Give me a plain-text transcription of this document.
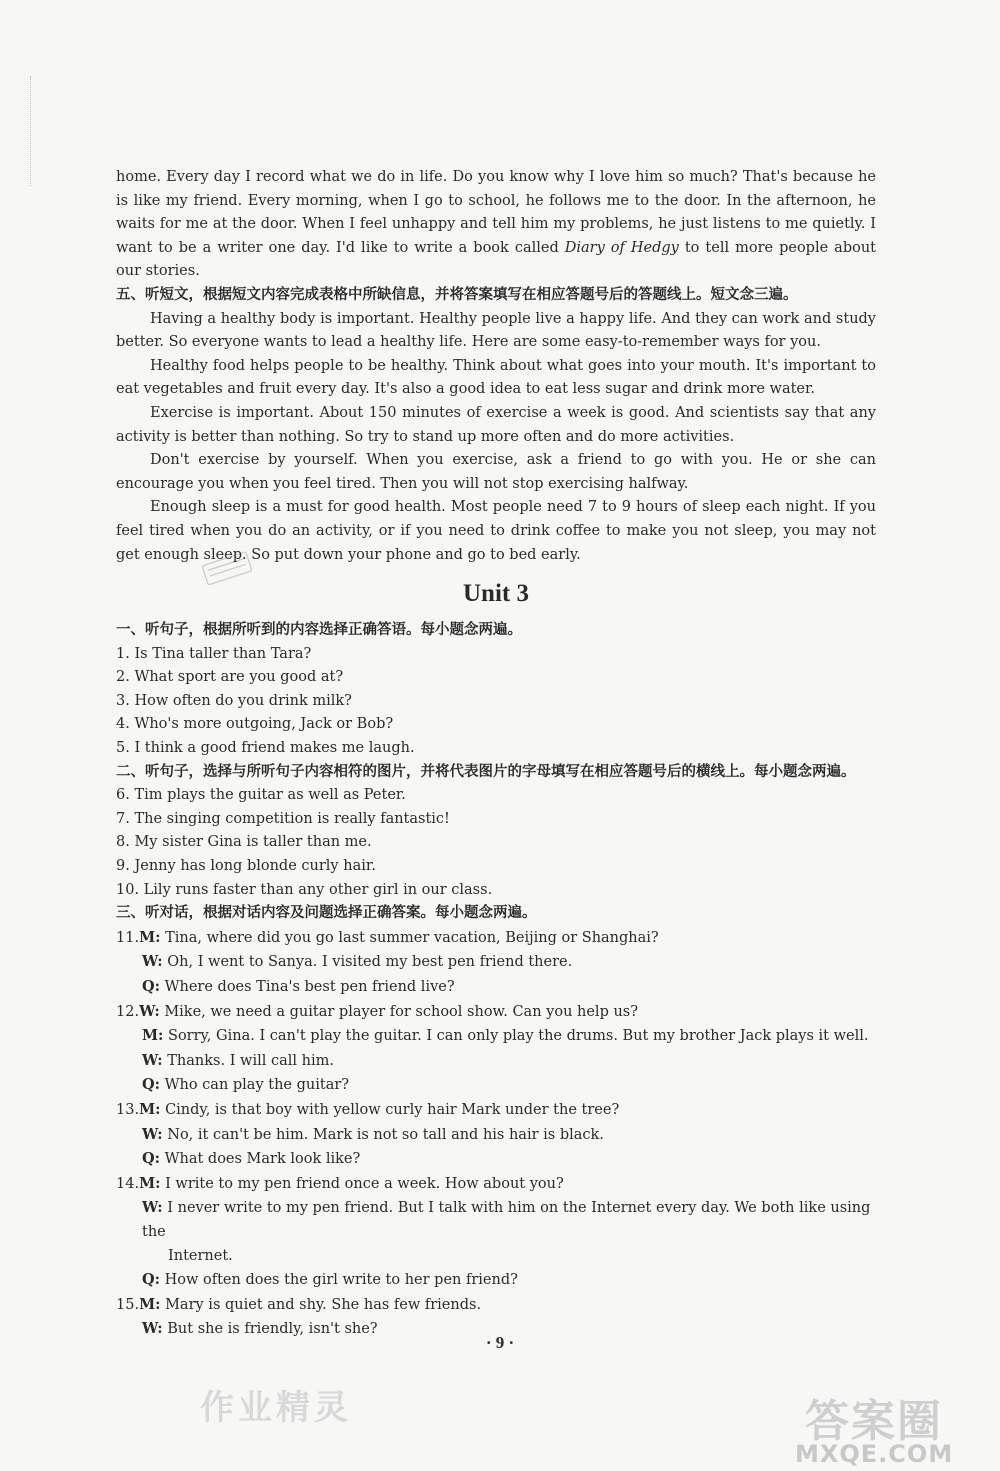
home. Every day I record what we do in life. Do you know why I love him so much? That's because he is like my friend. Every morning, when I go to school, he follows me to the door. In the afternoon, he waits for me at the door. When I feel unhappy and tell him my problems, he just listens to me quietly. I want to be a writer one day. I'd like to write a book called Diary of Hedgy to tell more people about our stories.

五、听短文，根据短文内容完成表格中所缺信息，并将答案填写在相应答题号后的答题线上。短文念三遍。

Having a healthy body is important. Healthy people live a happy life. And they can work and study better. So everyone wants to lead a healthy life. Here are some easy-to-remember ways for you.

Healthy food helps people to be healthy. Think about what goes into your mouth. It's important to eat vegetables and fruit every day. It's also a good idea to eat less sugar and drink more water.

Exercise is important. About 150 minutes of exercise a week is good. And scientists say that any activity is better than nothing. So try to stand up more often and do more activities.

Don't exercise by yourself. When you exercise, ask a friend to go with you. He or she can encourage you when you feel tired. Then you will not stop exercising halfway.

Enough sleep is a must for good health. Most people need 7 to 9 hours of sleep each night. If you feel tired when you do an activity, or if you need to drink coffee to make you not sleep, you may not get enough sleep. So put down your phone and go to bed early.

Unit 3

一、听句子，根据所听到的内容选择正确答语。每小题念两遍。

1. Is Tina taller than Tara?

2. What sport are you good at?

3. How often do you drink milk?

4. Who's more outgoing, Jack or Bob?

5. I think a good friend makes me laugh.

二、听句子，选择与所听句子内容相符的图片，并将代表图片的字母填写在相应答题号后的横线上。每小题念两遍。

6. Tim plays the guitar as well as Peter.

7. The singing competition is really fantastic!

8. My sister Gina is taller than me.

9. Jenny has long blonde curly hair.

10. Lily runs faster than any other girl in our class.

三、听对话，根据对话内容及问题选择正确答案。每小题念两遍。

11.M: Tina, where did you go last summer vacation, Beijing or Shanghai?

W: Oh, I went to Sanya. I visited my best pen friend there.

Q: Where does Tina's best pen friend live?

12.W: Mike, we need a guitar player for school show. Can you help us?

M: Sorry, Gina. I can't play the guitar. I can only play the drums. But my brother Jack plays it well.

W: Thanks. I will call him.

Q: Who can play the guitar?

13.M: Cindy, is that boy with yellow curly hair Mark under the tree?

W: No, it can't be him. Mark is not so tall and his hair is black.

Q: What does Mark look like?

14.M: I write to my pen friend once a week. How about you?

W: I never write to my pen friend. But I talk with him on the Internet every day. We both like using the

Internet.

Q: How often does the girl write to her pen friend?

15.M: Mary is quiet and shy. She has few friends.

W: But she is friendly, isn't she?

· 9 ·
作业精灵	答案圈
MXQE.COM
